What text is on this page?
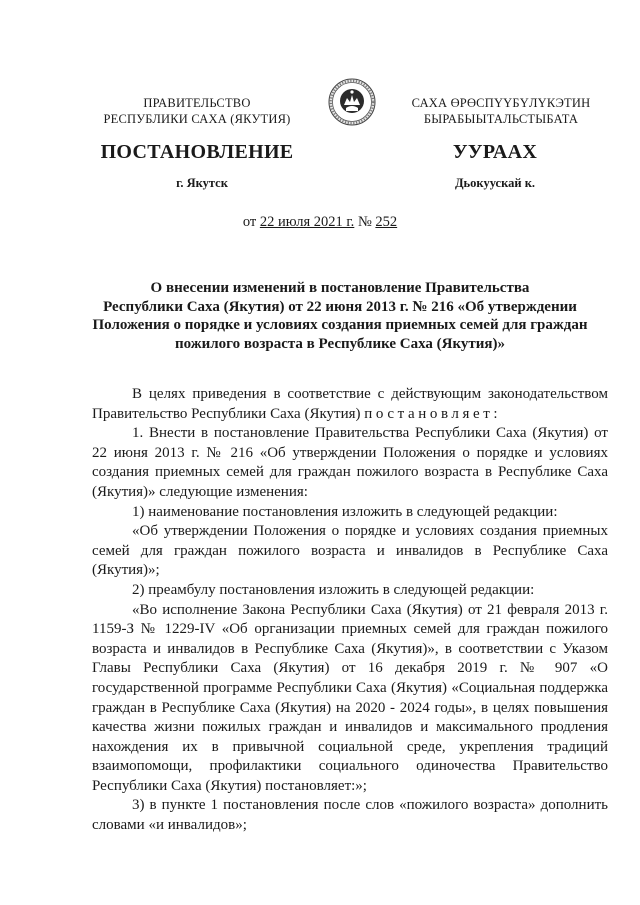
ПРАВИТЕЛЬСТВО
РЕСПУБЛИКИ САХА (ЯКУТИЯ)
САХА ӨРӨСПҮҮБҮЛҮКЭТИН
БЫРАБЫЫТАЛЬСТЫБАТА
ПОСТАНОВЛЕНИЕ	УУРААХ
г. Якутск	Дьокуускай к.
от 22 июля 2021 г. № 252
О внесении изменений в постановление Правительства
Республики Саха (Якутия) от 22 июня 2013 г. № 216 «Об утверждении
Положения о порядке и условиях создания приемных семей для граждан
пожилого возраста в Республике Саха (Якутия)»

В целях приведения в соответствие с действующим законодательством Правительство Республики Саха (Якутия) постановляет:

1. Внести в постановление Правительства Республики Саха (Якутия) от 22 июня 2013 г. № 216 «Об утверждении Положения о порядке и условиях создания приемных семей для граждан пожилого возраста в Республике Саха (Якутия)» следующие изменения:

1) наименование постановления изложить в следующей редакции:

«Об утверждении Положения о порядке и условиях создания приемных семей для граждан пожилого возраста и инвалидов в Республике Саха (Якутия)»;

2) преамбулу постановления изложить в следующей редакции:

«Во исполнение Закона Республики Саха (Якутия) от 21 февраля 2013 г. 1159-З № 1229-IV «Об организации приемных семей для граждан пожилого возраста и инвалидов в Республике Саха (Якутия)», в соответствии с Указом Главы Республики Саха (Якутия) от 16 декабря 2019 г. № 907 «О государственной программе Республики Саха (Якутия) «Социальная поддержка граждан в Республике Саха (Якутия) на 2020 - 2024 годы», в целях повышения качества жизни пожилых граждан и инвалидов и максимального продления нахождения их в привычной социальной среде, укрепления традиций взаимопомощи, профилактики социального одиночества Правительство Республики Саха (Якутия) постановляет:»;

3) в пункте 1 постановления после слов «пожилого возраста» дополнить словами «и инвалидов»;
